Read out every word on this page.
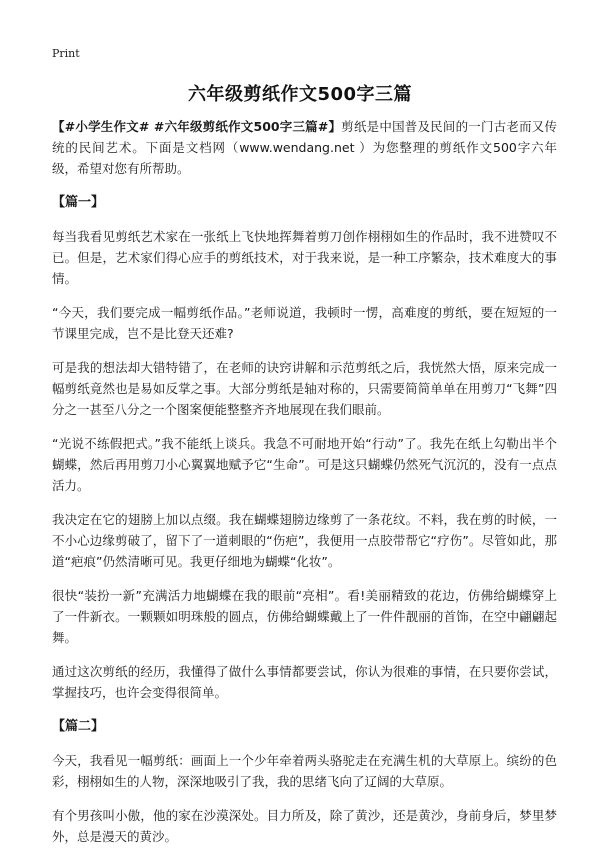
Print
六年级剪纸作文500字三篇

【#小学生作文# #六年级剪纸作文500字三篇#】剪纸是中国普及民间的一门古老而又传统的民间艺术。下面是文档网（www.wendang.net ）为您整理的剪纸作文500字六年级，希望对您有所帮助。

【篇一】

每当我看见剪纸艺术家在一张纸上飞快地挥舞着剪刀创作栩栩如生的作品时，我不进赞叹不已。但是，艺术家们得心应手的剪纸技术，对于我来说，是一种工序繁杂，技术难度大的事情。

“今天，我们要完成一幅剪纸作品。”老师说道，我顿时一愣，高难度的剪纸，要在短短的一节课里完成，岂不是比登天还难?

可是我的想法却大错特错了，在老师的诀窍讲解和示范剪纸之后，我恍然大悟，原来完成一幅剪纸竟然也是易如反掌之事。大部分剪纸是轴对称的，只需要简简单单在用剪刀“飞舞”四分之一甚至八分之一个图案便能整整齐齐地展现在我们眼前。

“光说不练假把式。”我不能纸上谈兵。我急不可耐地开始“行动”了。我先在纸上勾勒出半个蝴蝶，然后再用剪刀小心翼翼地赋予它“生命”。可是这只蝴蝶仍然死气沉沉的，没有一点点活力。

我决定在它的翅膀上加以点缀。我在蝴蝶翅膀边缘剪了一条花纹。不料，我在剪的时候，一不小心边缘剪破了，留下了一道刺眼的“伤疤”，我便用一点胶带帮它“疗伤”。尽管如此，那道“疤痕”仍然清晰可见。我更仔细地为蝴蝶“化妆”。

很快“装扮一新”充满活力地蝴蝶在我的眼前“亮相”。看!美丽精致的花边，仿佛给蝴蝶穿上了一件新衣。一颗颗如明珠般的圆点，仿佛给蝴蝶戴上了一件件靓丽的首饰，在空中翩翩起舞。

通过这次剪纸的经历，我懂得了做什么事情都要尝试，你认为很难的事情，在只要你尝试，掌握技巧，也许会变得很简单。

【篇二】

今天，我看见一幅剪纸：画面上一个少年牵着两头骆驼走在充满生机的大草原上。缤纷的色彩，栩栩如生的人物，深深地吸引了我，我的思绪飞向了辽阔的大草原。

有个男孩叫小傲，他的家在沙漠深处。目力所及，除了黄沙，还是黄沙，身前身后，梦里梦外，总是漫天的黄沙。
